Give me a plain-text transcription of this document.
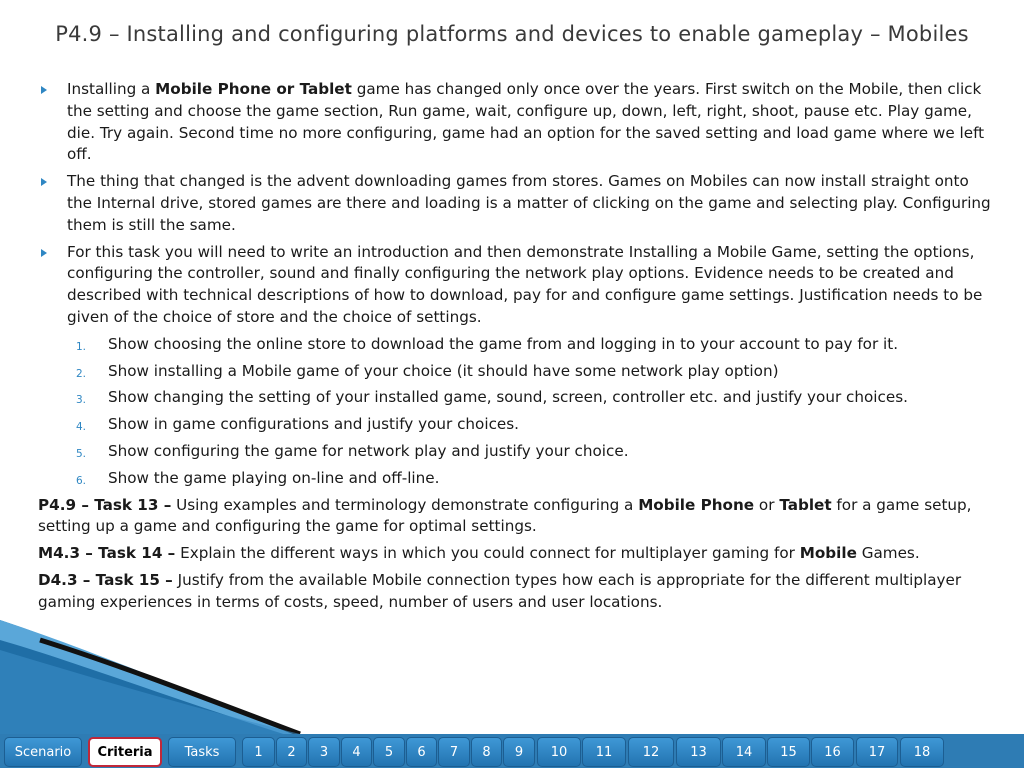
P4.9 – Installing and configuring platforms and devices to enable gameplay – Mobiles
Installing a Mobile Phone or Tablet game has changed only once over the years. First switch on the Mobile, then click the setting and choose the game section, Run game, wait, configure up, down, left, right, shoot, pause etc. Play game, die. Try again. Second time no more configuring, game had an option for the saved setting and load game where we left off.
The thing that changed is the advent downloading games from stores. Games on Mobiles can now install straight onto the Internal drive, stored games are there and loading is a matter of clicking on the game and selecting play. Configuring them is still the same.
For this task you will need to write an introduction and then demonstrate Installing a Mobile Game, setting the options, configuring the controller, sound and finally configuring the network play options. Evidence needs to be created and described with technical descriptions of how to download, pay for and configure game settings. Justification needs to be given of the choice of store and the choice of settings.
1. Show choosing the online store to download the game from and logging in to your account to pay for it.
2. Show installing a Mobile game of your choice (it should have some network play option)
3. Show changing the setting of your installed game, sound, screen, controller etc. and justify your choices.
4. Show in game configurations and justify your choices.
5. Show configuring the game for network play and justify your choice.
6. Show the game playing on-line and off-line.
P4.9 – Task 13 – Using examples and terminology demonstrate configuring a Mobile Phone or Tablet for a game setup, setting up a game and configuring the game for optimal settings.
M4.3 – Task 14 – Explain the different ways in which you could connect for multiplayer gaming for Mobile Games.
D4.3 – Task 15 – Justify from the available Mobile connection types how each is appropriate for the different multiplayer gaming experiences in terms of costs, speed, number of users and user locations.
Scenario	Criteria	Tasks	1	2	3	4	5	6	7	8	9	10	11	12	13	14	15	16	17	18
